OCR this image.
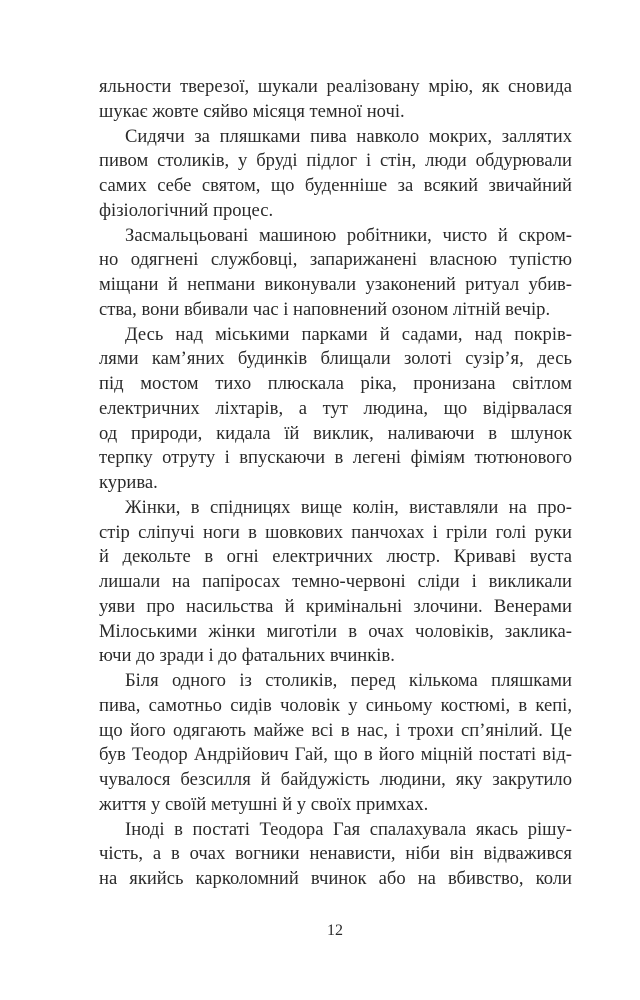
яльности тверезої, шукали реалізовану мрію, як сновида
шукає жовте сяйво місяця темної ночі.
Сидячи за пляшками пива навколо мокрих, заллятих
пивом столиків, у бруді підлог і стін, люди обдурювали
самих себе святом, що буденніше за всякий звичайний
фізіологічний процес.
Засмальцьовані машиною робітники, чисто й скром-
но одягнені службовці, запарижанені власною тупістю
міщани й непмани виконували узаконений ритуал убив-
ства, вони вбивали час і наповнений озоном літній вечір.
Десь над міськими парками й садами, над покрів-
лями кам’яних будинків блищали золоті сузір’я, десь
під мостом тихо плюскала ріка, пронизана світлом
електричних ліхтарів, а тут людина, що відірвалася
од природи, кидала їй виклик, наливаючи в шлунок
терпку отруту і впускаючи в легені фіміям тютюнового
курива.
Жінки, в спідницях вище колін, виставляли на про-
стір сліпучі ноги в шовкових панчохах і гріли голі руки
й декольте в огні електричних люстр. Криваві вуста
лишали на папіросах темно-червоні сліди і викликали
уяви про насильства й кримінальні злочини. Венерами
Мілоськими жінки миготіли в очах чоловіків, заклика-
ючи до зради і до фатальних вчинків.
Біля одного із столиків, перед кількома пляшками
пива, самотньо сидів чоловік у синьому костюмі, в кепі,
що його одягають майже всі в нас, і трохи сп’янілий. Це
був Теодор Андрійович Гай, що в його міцній постаті від-
чувалося безсилля й байдужість людини, яку закрутило
життя у своїй метушні й у своїх примхах.
Іноді в постаті Теодора Гая спалахувала якась рішу-
чість, а в очах вогники ненависти, ніби він відважився
на якийсь карколомний вчинок або на вбивство, коли
12
